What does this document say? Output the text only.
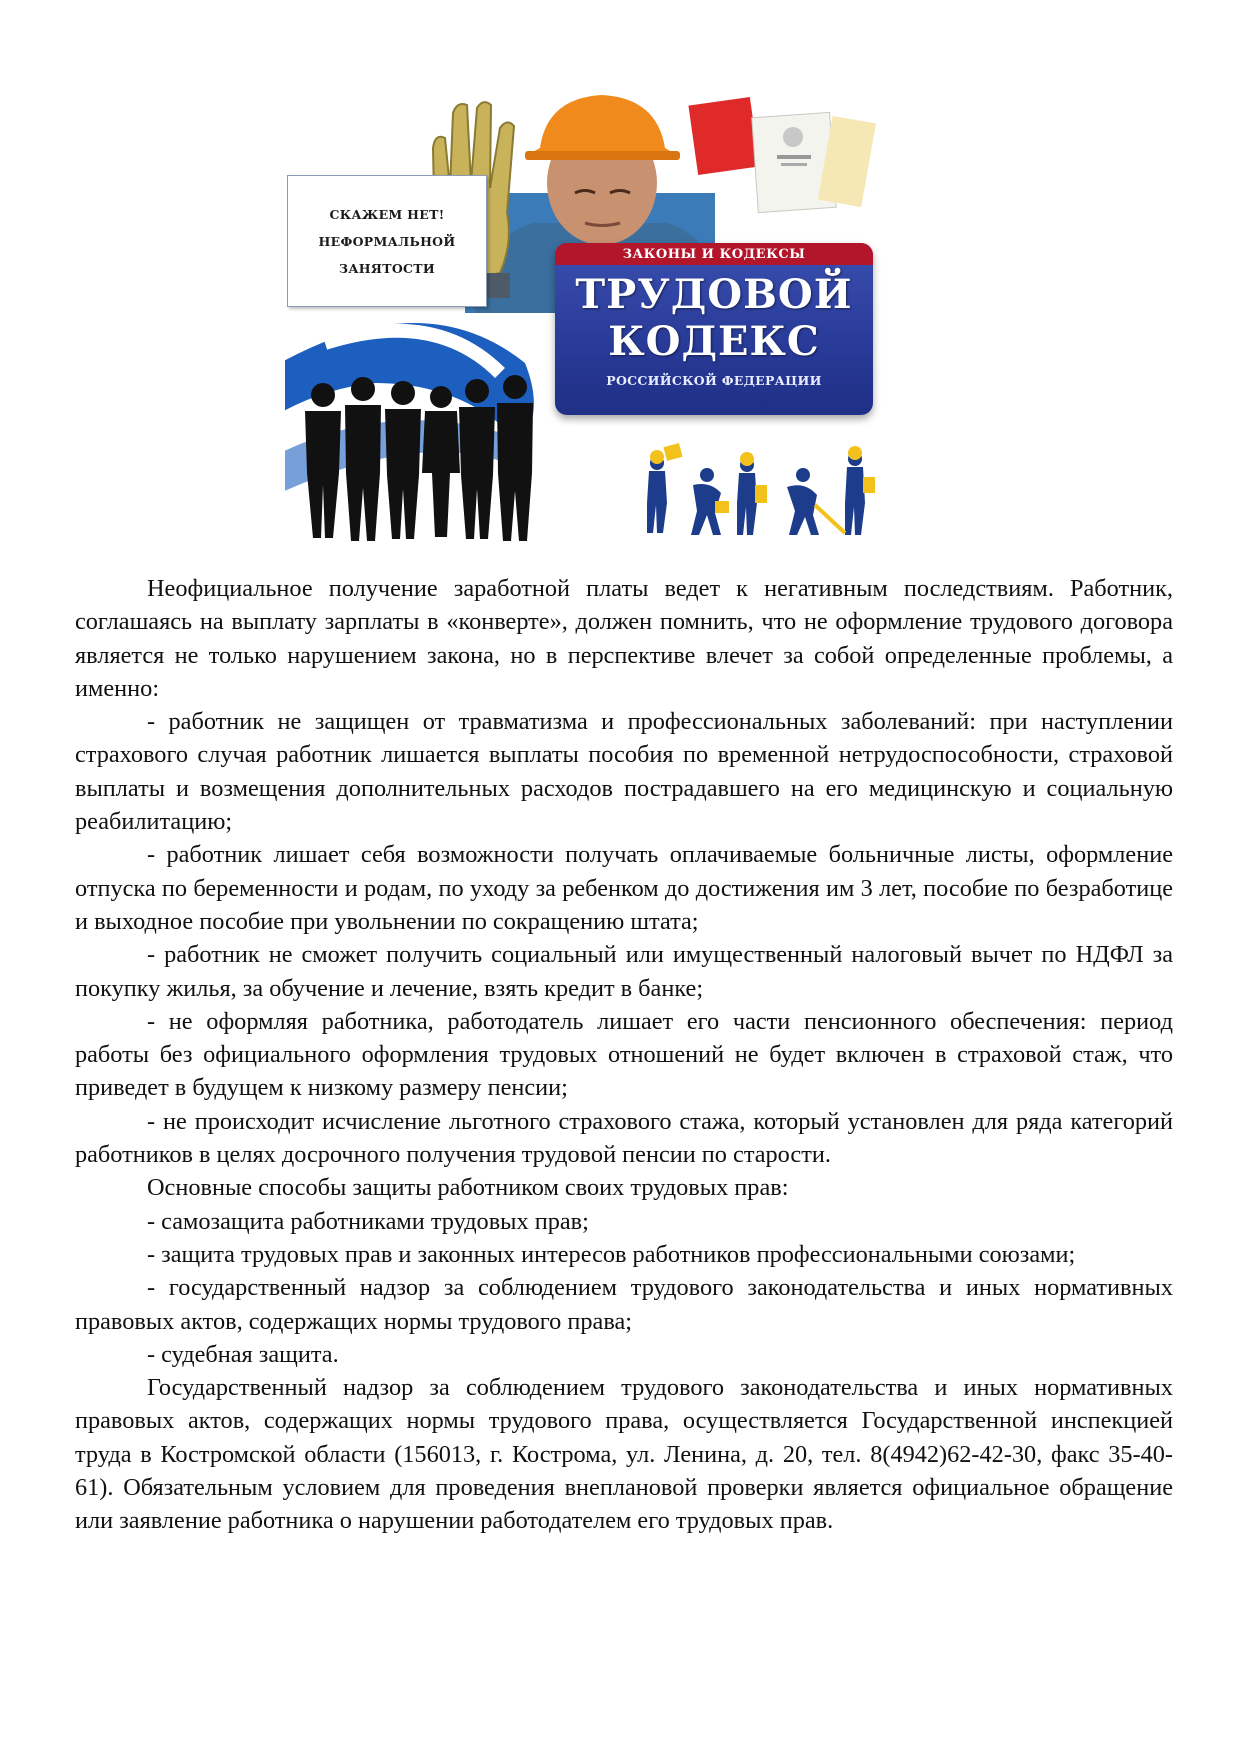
СКАЖЕМ НЕТ!
НЕФОРМАЛЬНОЙ
ЗАНЯТОСТИ
ЗАКОНЫ И КОДЕКСЫ
ТРУДОВОЙ
КОДЕКС
РОССИЙСКОЙ ФЕДЕРАЦИИ

Неофициальное получение заработной платы ведет к негативным последствиям. Работник, соглашаясь на выплату зарплаты в «конверте», должен помнить, что не оформление трудового договора является не только нарушением закона, но в перспективе влечет за собой определенные проблемы, а именно:

- работник не защищен от травматизма и профессиональных заболеваний: при наступлении страхового случая работник лишается выплаты пособия по временной нетрудоспособности, страховой выплаты и возмещения дополнительных расходов пострадавшего на его медицинскую и социальную реабилитацию;

- работник лишает себя возможности получать оплачиваемые больничные листы, оформление отпуска по беременности и родам, по уходу за ребенком до достижения им 3 лет, пособие по безработице и выходное пособие при увольнении по сокращению штата;

- работник не сможет получить социальный или имущественный налоговый вычет по НДФЛ за покупку жилья, за обучение и лечение, взять кредит в банке;

- не оформляя работника, работодатель лишает его части пенсионного обеспечения: период работы без официального оформления трудовых отношений не будет включен в страховой стаж, что приведет в будущем к низкому размеру пенсии;

- не происходит исчисление льготного страхового стажа, который установлен для ряда категорий работников в целях досрочного получения трудовой пенсии по старости.

Основные способы защиты работником своих трудовых прав:

- самозащита работниками трудовых прав;

- защита трудовых прав и законных интересов работников профессиональными союзами;

- государственный надзор за соблюдением трудового законодательства и иных нормативных правовых актов, содержащих нормы трудового права;

- судебная защита.

Государственный надзор за соблюдением трудового законодательства и иных нормативных правовых актов, содержащих нормы трудового права, осуществляется Государственной инспекцией труда в Костромской области (156013, г. Кострома, ул. Ленина, д. 20, тел. 8(4942)62-42-30, факс 35-40-61). Обязательным условием для проведения внеплановой проверки является официальное обращение или заявление работника о нарушении работодателем его трудовых прав.
